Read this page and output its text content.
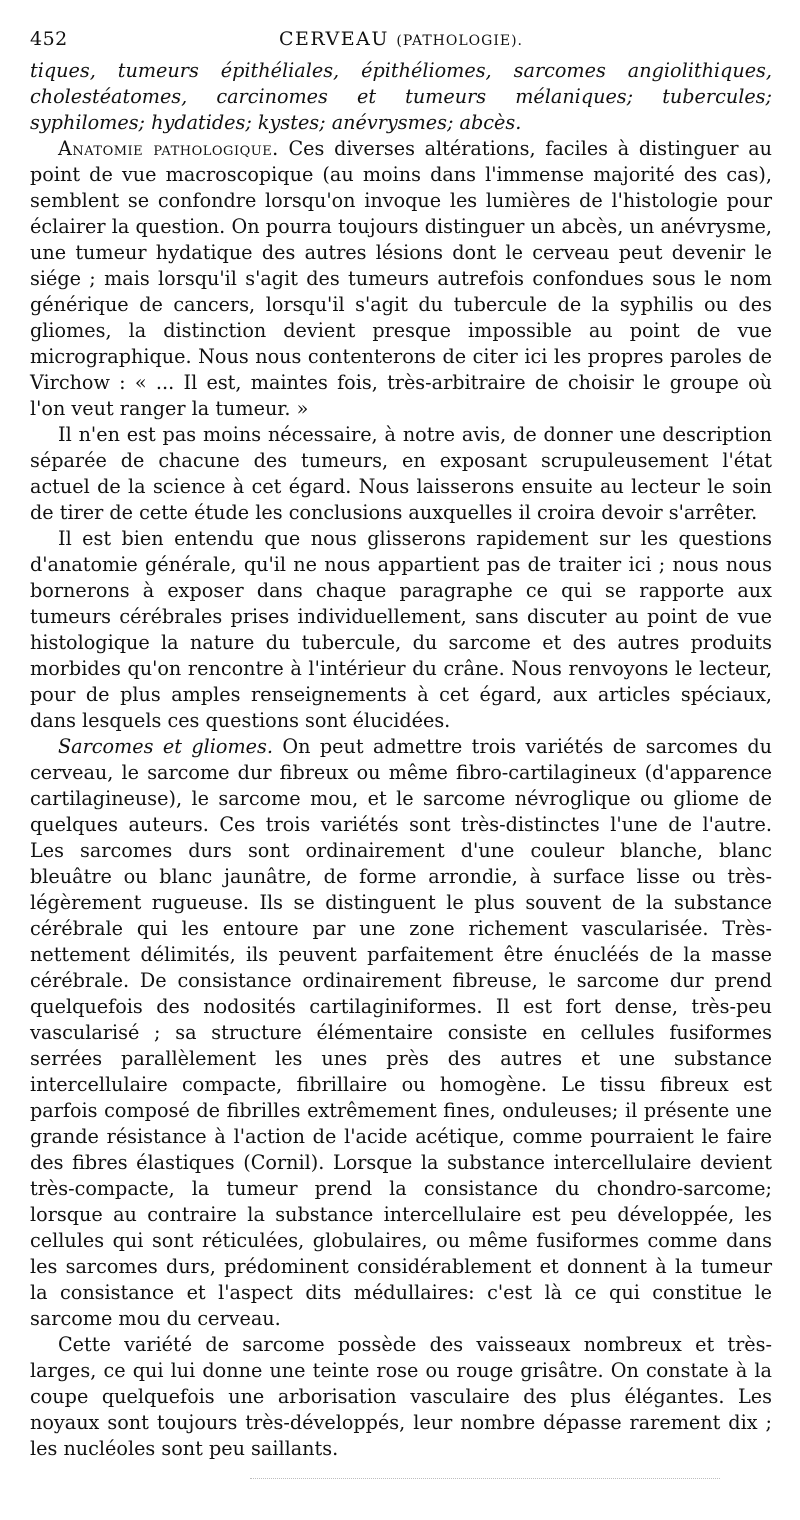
452	CERVEAU (PATHOLOGIE).

tiques, tumeurs épithéliales, épithéliomes, sarcomes angiolithiques, cholestéatomes, carcinomes et tumeurs mélaniques; tubercules; syphilomes; hydatides; kystes; anévrysmes; abcès.

Anatomie pathologique. Ces diverses altérations, faciles à distinguer au point de vue macroscopique (au moins dans l'immense majorité des cas), semblent se confondre lorsqu'on invoque les lumières de l'histologie pour éclairer la question. On pourra toujours distinguer un abcès, un anévrysme, une tumeur hydatique des autres lésions dont le cerveau peut devenir le siége ; mais lorsqu'il s'agit des tumeurs autrefois confondues sous le nom générique de cancers, lorsqu'il s'agit du tubercule de la syphilis ou des gliomes, la distinction devient presque impossible au point de vue micrographique. Nous nous contenterons de citer ici les propres paroles de Virchow : « ... Il est, maintes fois, très-arbitraire de choisir le groupe où l'on veut ranger la tumeur. »

Il n'en est pas moins nécessaire, à notre avis, de donner une description séparée de chacune des tumeurs, en exposant scrupuleusement l'état actuel de la science à cet égard. Nous laisserons ensuite au lecteur le soin de tirer de cette étude les conclusions auxquelles il croira devoir s'arrêter.

Il est bien entendu que nous glisserons rapidement sur les questions d'anatomie générale, qu'il ne nous appartient pas de traiter ici ; nous nous bornerons à exposer dans chaque paragraphe ce qui se rapporte aux tumeurs cérébrales prises individuellement, sans discuter au point de vue histologique la nature du tubercule, du sarcome et des autres produits morbides qu'on rencontre à l'intérieur du crâne. Nous renvoyons le lecteur, pour de plus amples renseignements à cet égard, aux articles spéciaux, dans lesquels ces questions sont élucidées.

Sarcomes et gliomes. On peut admettre trois variétés de sarcomes du cerveau, le sarcome dur fibreux ou même fibro-cartilagineux (d'apparence cartilagineuse), le sarcome mou, et le sarcome névroglique ou gliome de quelques auteurs. Ces trois variétés sont très-distinctes l'une de l'autre. Les sarcomes durs sont ordinairement d'une couleur blanche, blanc bleuâtre ou blanc jaunâtre, de forme arrondie, à surface lisse ou très-légèrement rugueuse. Ils se distinguent le plus souvent de la substance cérébrale qui les entoure par une zone richement vascularisée. Très-nettement délimités, ils peuvent parfaitement être énucléés de la masse cérébrale. De consistance ordinairement fibreuse, le sarcome dur prend quelquefois des nodosités cartilaginiformes. Il est fort dense, très-peu vascularisé ; sa structure élémentaire consiste en cellules fusiformes serrées parallèlement les unes près des autres et une substance intercellulaire compacte, fibrillaire ou homogène. Le tissu fibreux est parfois composé de fibrilles extrêmement fines, onduleuses; il présente une grande résistance à l'action de l'acide acétique, comme pourraient le faire des fibres élastiques (Cornil). Lorsque la substance intercellulaire devient très-compacte, la tumeur prend la consistance du chondro-sarcome; lorsque au contraire la substance intercellulaire est peu développée, les cellules qui sont réticulées, globulaires, ou même fusiformes comme dans les sarcomes durs, prédominent considérablement et donnent à la tumeur la consistance et l'aspect dits médullaires: c'est là ce qui constitue le sarcome mou du cerveau.

Cette variété de sarcome possède des vaisseaux nombreux et très-larges, ce qui lui donne une teinte rose ou rouge grisâtre. On constate à la coupe quelquefois une arborisation vasculaire des plus élégantes. Les noyaux sont toujours très-développés, leur nombre dépasse rarement dix ; les nucléoles sont peu saillants.
